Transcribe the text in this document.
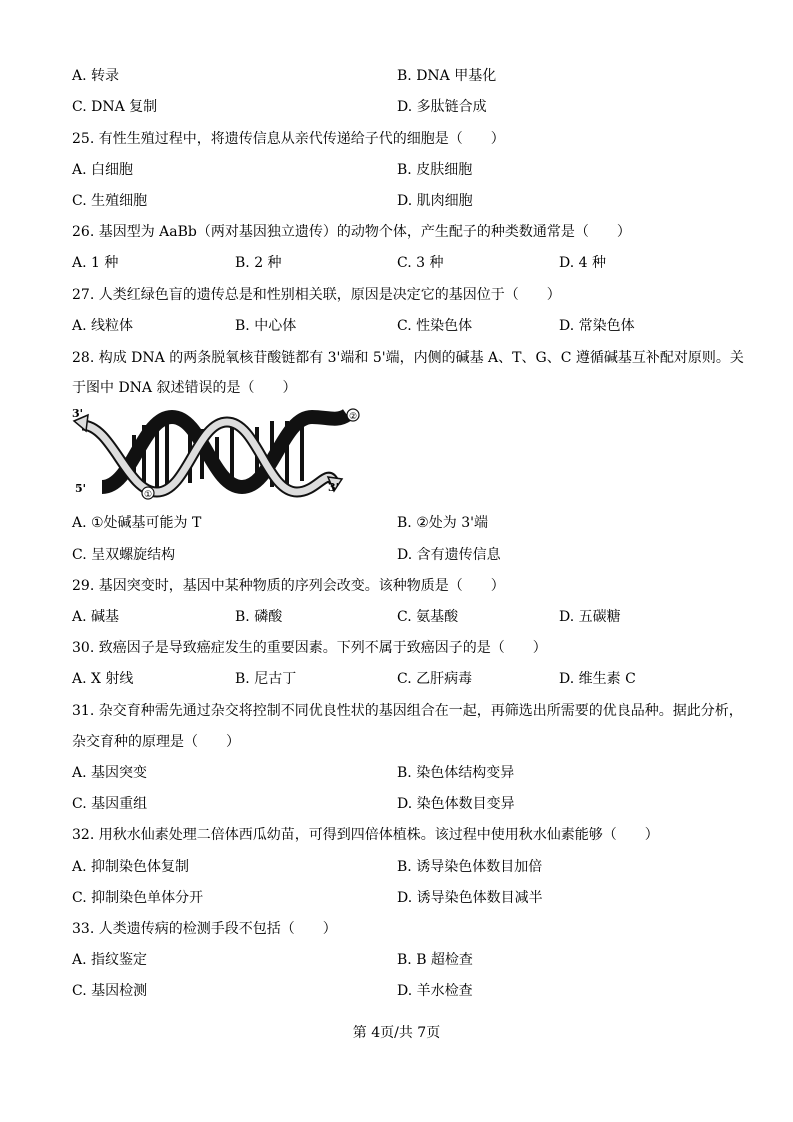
A. 转录	B. DNA 甲基化
C. DNA 复制	D. 多肽链合成
25. 有性生殖过程中，将遗传信息从亲代传递给子代的细胞是（　　）
A. 白细胞	B. 皮肤细胞
C. 生殖细胞	D. 肌肉细胞
26. 基因型为 AaBb（两对基因独立遗传）的动物个体，产生配子的种类数通常是（　　）
A. 1 种	B. 2 种	C. 3 种	D. 4 种
27. 人类红绿色盲的遗传总是和性别相关联，原因是决定它的基因位于（　　）
A. 线粒体	B. 中心体	C. 性染色体	D. 常染色体
28. 构成 DNA 的两条脱氧核苷酸链都有 3'端和 5'端，内侧的碱基 A、T、G、C 遵循碱基互补配对原则。关
于图中 DNA 叙述错误的是（　　）
3'
5'	3'
②
①
A. ①处碱基可能为 T	B. ②处为 3'端
C. 呈双螺旋结构	D. 含有遗传信息
29. 基因突变时，基因中某种物质的序列会改变。该种物质是（　　）
A. 碱基	B. 磷酸	C. 氨基酸	D. 五碳糖
30. 致癌因子是导致癌症发生的重要因素。下列不属于致癌因子的是（　　）
A. X 射线	B. 尼古丁	C. 乙肝病毒	D. 维生素 C
31. 杂交育种需先通过杂交将控制不同优良性状的基因组合在一起，再筛选出所需要的优良品种。据此分析，
杂交育种的原理是（　　）
A. 基因突变	B. 染色体结构变异
C. 基因重组	D. 染色体数目变异
32. 用秋水仙素处理二倍体西瓜幼苗，可得到四倍体植株。该过程中使用秋水仙素能够（　　）
A. 抑制染色体复制	B. 诱导染色体数目加倍
C. 抑制染色单体分开	D. 诱导染色体数目减半
33. 人类遗传病的检测手段不包括（　　）
A. 指纹鉴定	B. B 超检查
C. 基因检测	D. 羊水检查
第 4页/共 7页
